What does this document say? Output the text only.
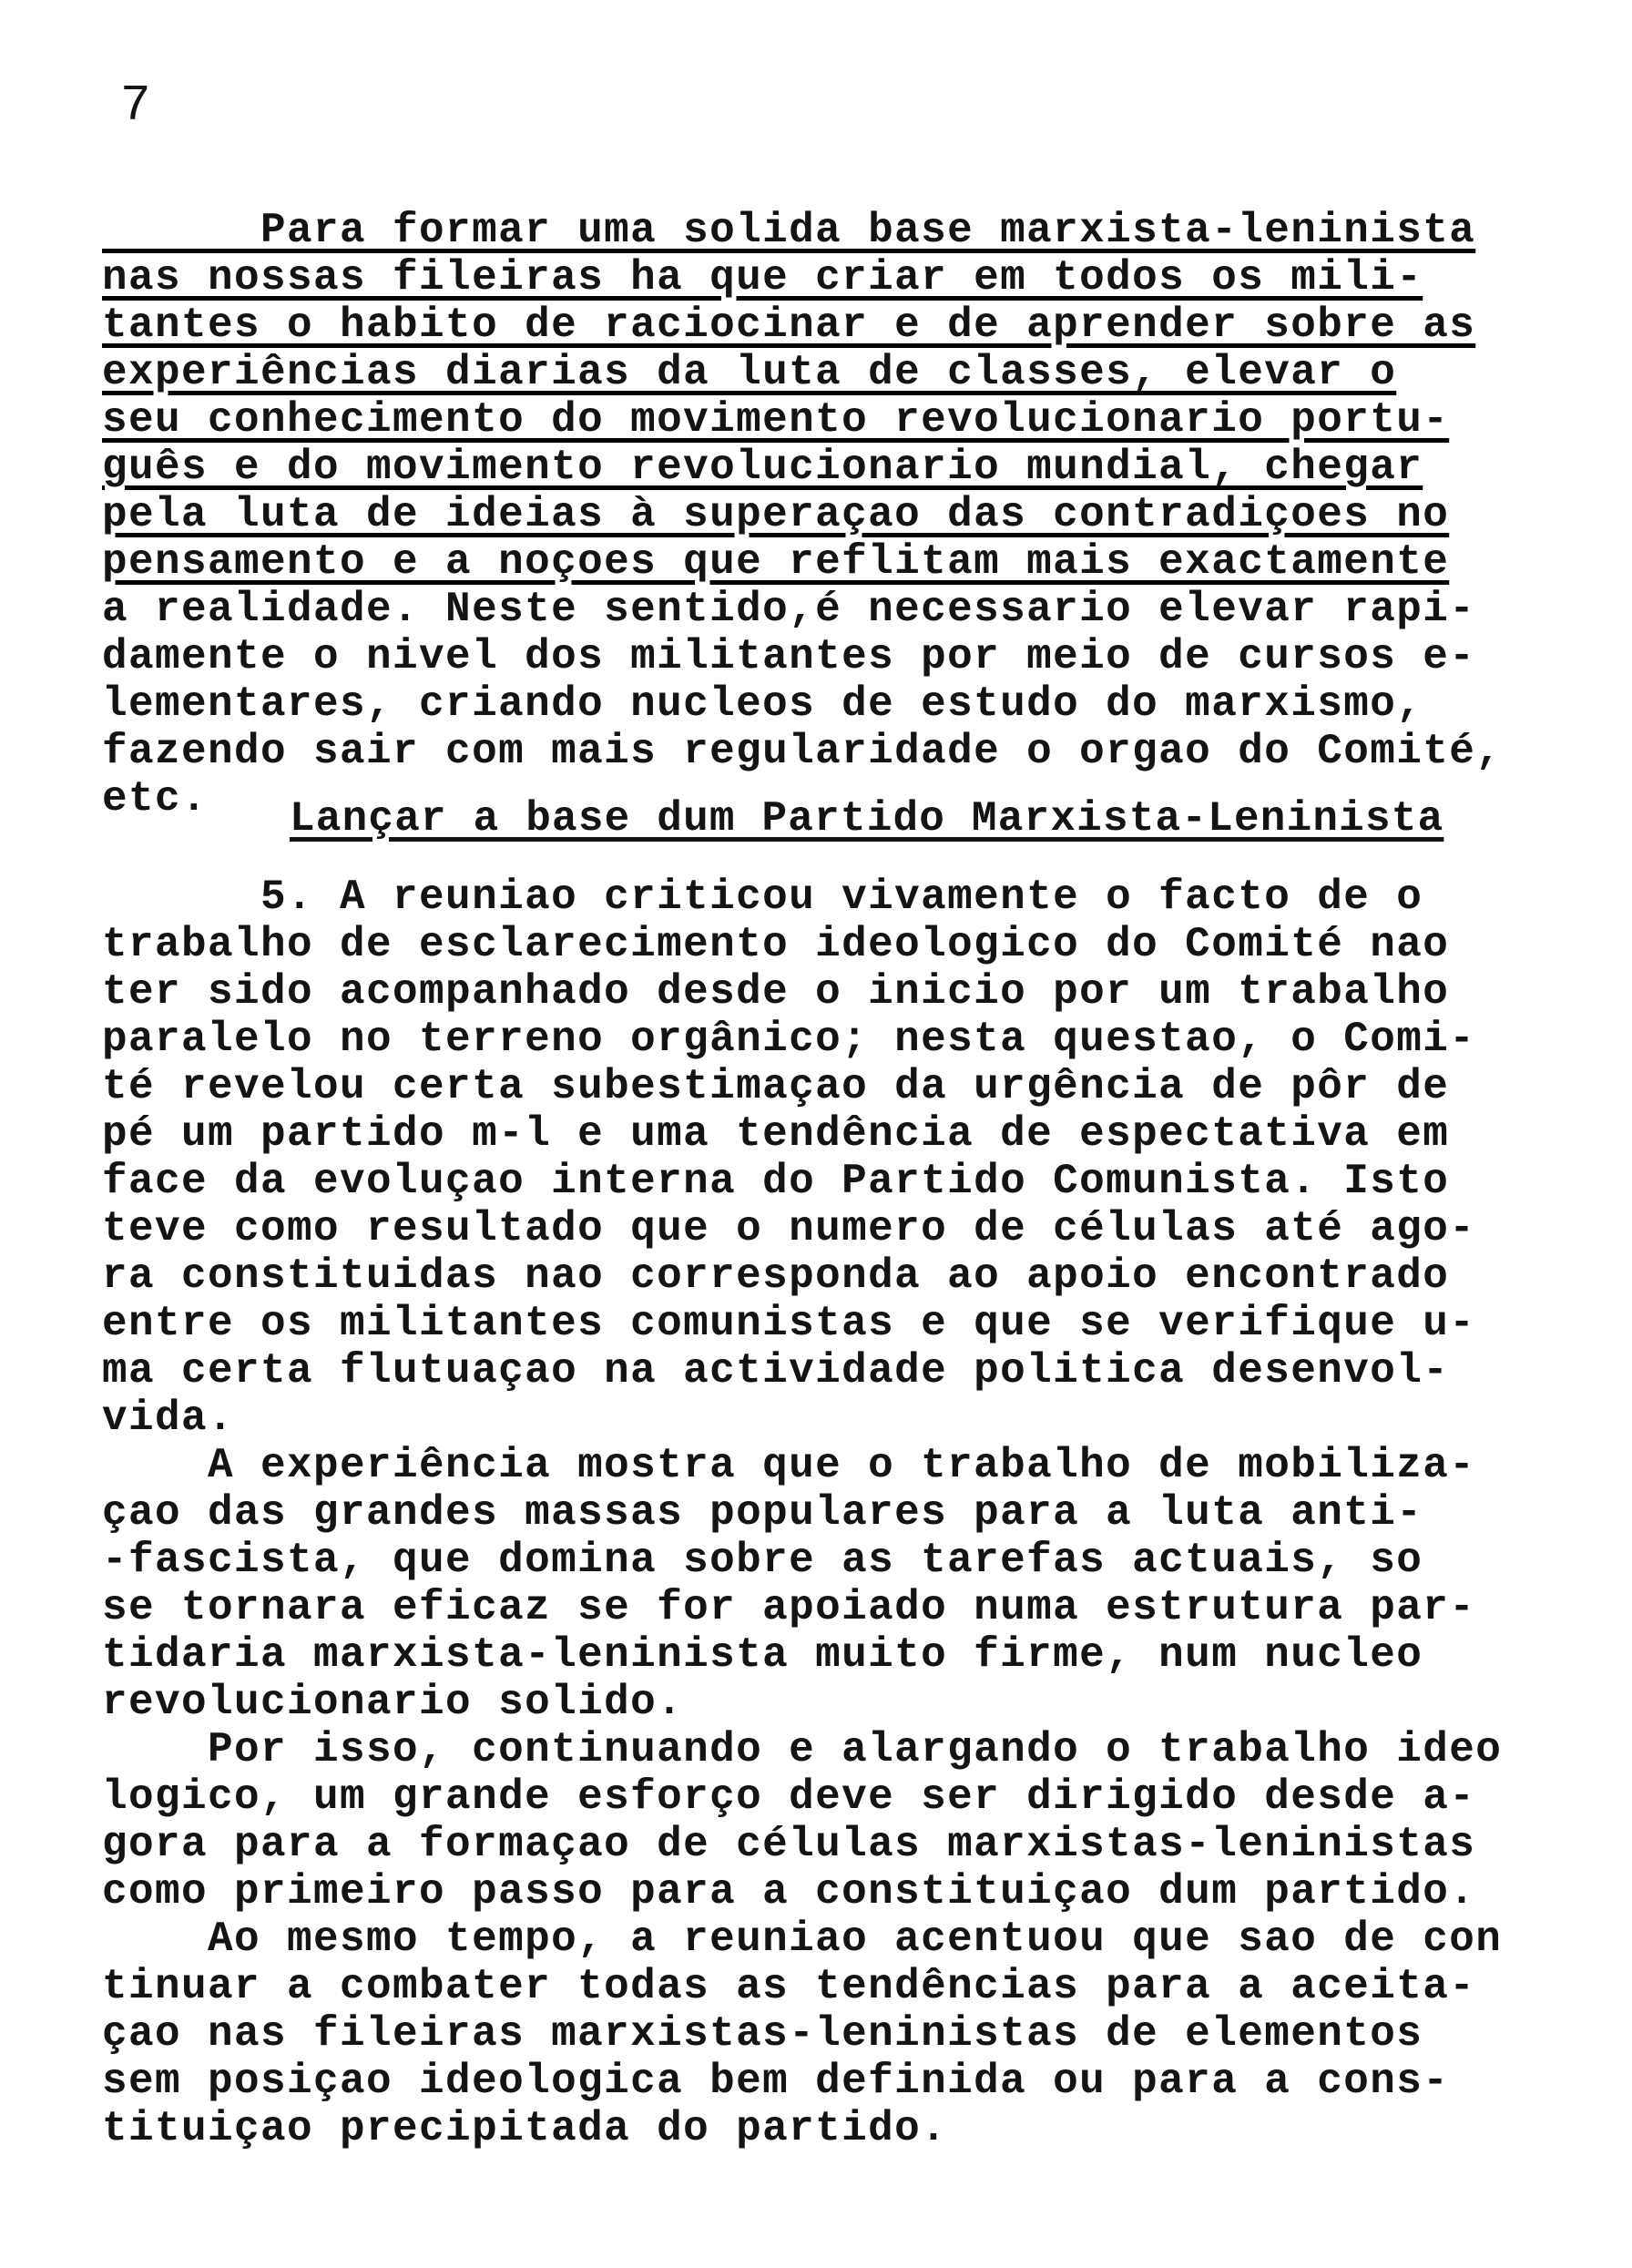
7
Para formar uma solida base marxista-leninista
nas nossas fileiras ha que criar em todos os mili-
tantes o habito de raciocinar e de aprender sobre as
experiências diarias da luta de classes, elevar o
seu conhecimento do movimento revolucionario portu-
guês e do movimento revolucionario mundial, chegar
pela luta de ideias à superaçao das contradiçoes no
pensamento e a noçoes que reflitam mais exactamente
a realidade. Neste sentido,é necessario elevar rapi-
damente o nivel dos militantes por meio de cursos e-
lementares, criando nucleos de estudo do marxismo,
fazendo sair com mais regularidade o orgao do Comité,
etc. Lançar a base dum Partido Marxista-Leninista
5. A reuniao criticou vivamente o facto de o
trabalho de esclarecimento ideologico do Comité nao
ter sido acompanhado desde o inicio por um trabalho
paralelo no terreno orgânico; nesta questao, o Comi-
té revelou certa subestimaçao da urgência de pôr de
pé um partido m-l e uma tendência de espectativa em
face da evoluçao interna do Partido Comunista. Isto
teve como resultado que o numero de células até ago-
ra constituidas nao corresponda ao apoio encontrado
entre os militantes comunistas e que se verifique u-
ma certa flutuaçao na actividade politica desenvol-
vida.
A experiência mostra que o trabalho de mobiliza-
çao das grandes massas populares para a luta anti-
-fascista, que domina sobre as tarefas actuais, so
se tornara eficaz se for apoiado numa estrutura par-
tidaria marxista-leninista muito firme, num nucleo
revolucionario solido.
Por isso, continuando e alargando o trabalho ideo
logico, um grande esforço deve ser dirigido desde a-
gora para a formaçao de células marxistas-leninistas
como primeiro passo para a constituiçao dum partido.
Ao mesmo tempo, a reuniao acentuou que sao de con
tinuar a combater todas as tendências para a aceita-
çao nas fileiras marxistas-leninistas de elementos
sem posiçao ideologica bem definida ou para a cons-
tituiçao precipitada do partido.
